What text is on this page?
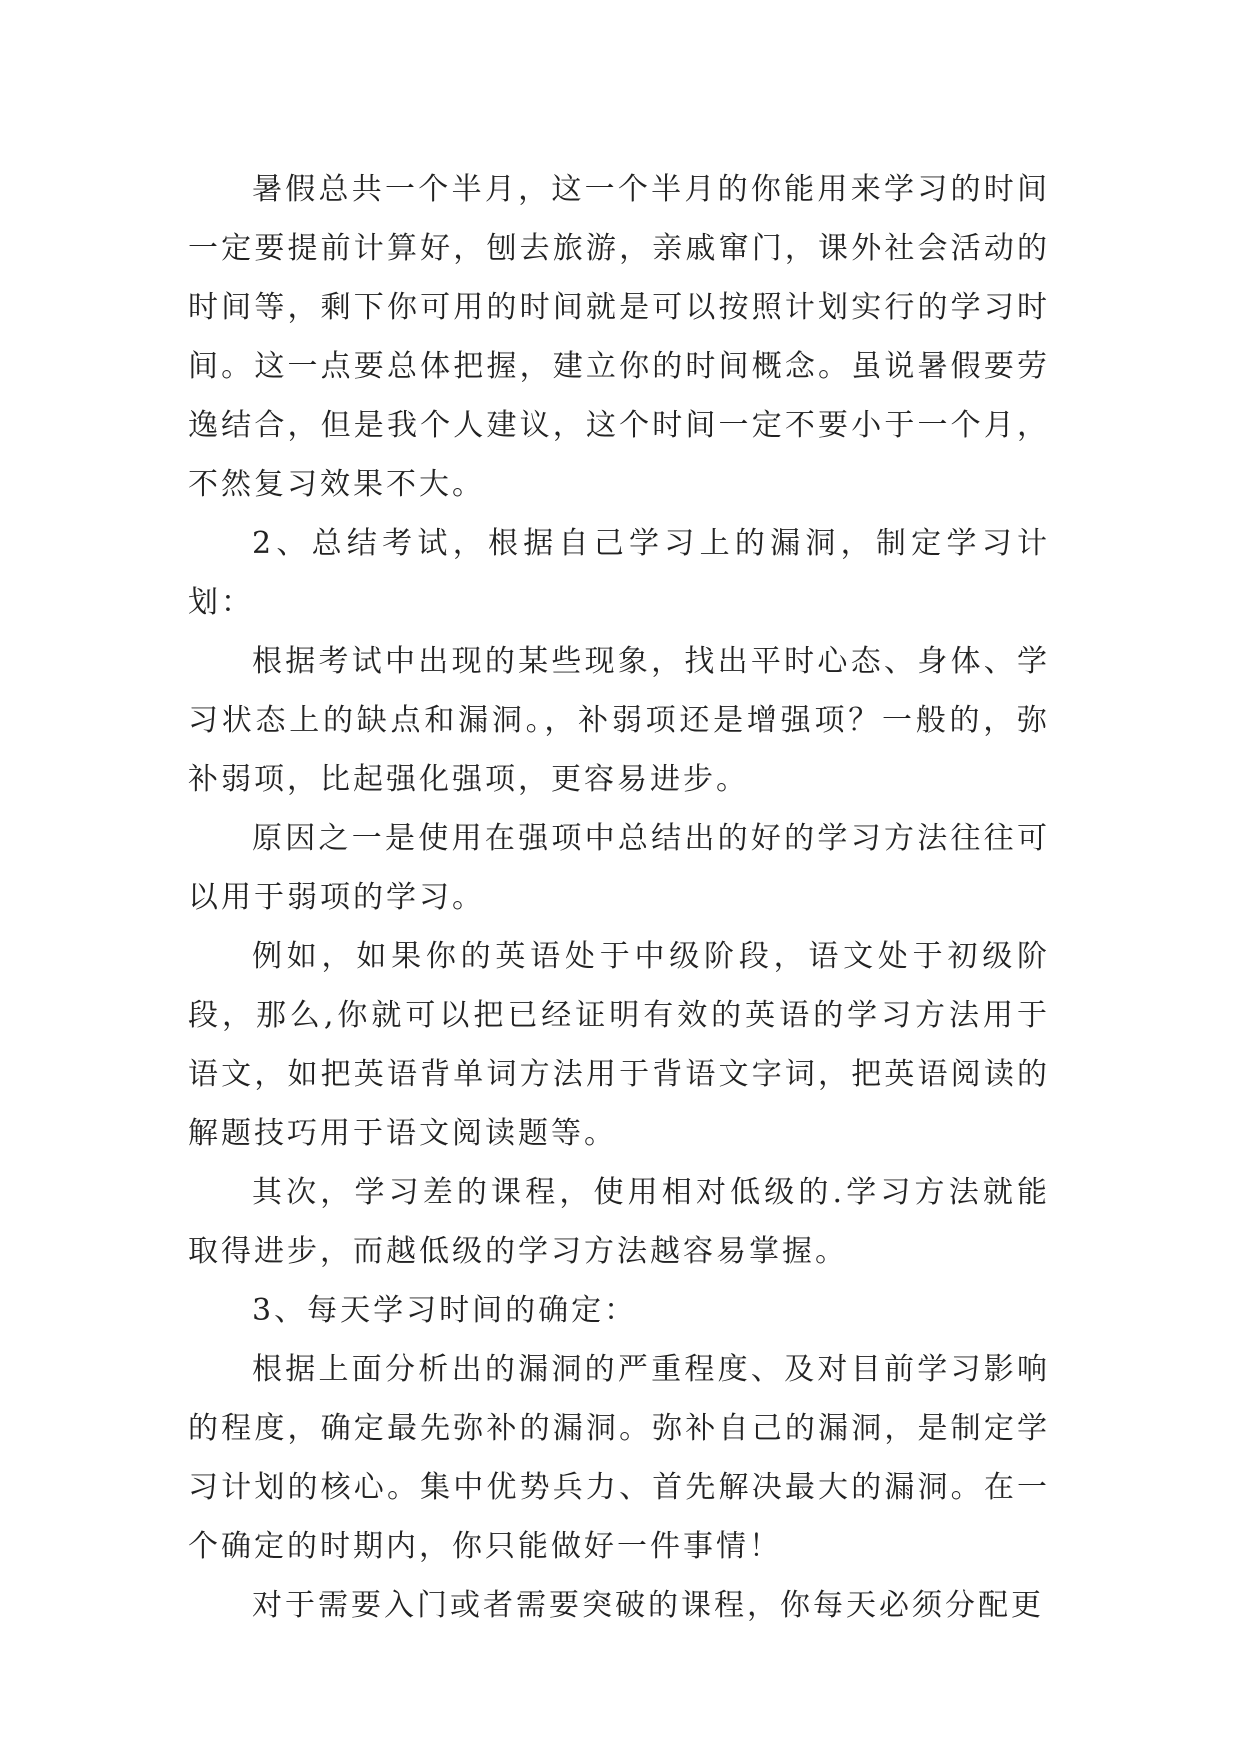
暑假总共一个半月，这一个半月的你能用来学习的时间一定要提前计算好，刨去旅游，亲戚窜门，课外社会活动的时间等，剩下你可用的时间就是可以按照计划实行的学习时间。这一点要总体把握，建立你的时间概念。虽说暑假要劳逸结合，但是我个人建议，这个时间一定不要小于一个月，不然复习效果不大。

2、总结考试，根据自己学习上的漏洞，制定学习计划：

根据考试中出现的某些现象，找出平时心态、身体、学习状态上的缺点和漏洞。，补弱项还是增强项？一般的，弥补弱项，比起强化强项，更容易进步。

原因之一是使用在强项中总结出的好的学习方法往往可以用于弱项的学习。

例如，如果你的英语处于中级阶段，语文处于初级阶段，那么,你就可以把已经证明有效的英语的学习方法用于语文，如把英语背单词方法用于背语文字词，把英语阅读的解题技巧用于语文阅读题等。

其次，学习差的课程，使用相对低级的.学习方法就能取得进步，而越低级的学习方法越容易掌握。

3、每天学习时间的确定：

根据上面分析出的漏洞的严重程度、及对目前学习影响的程度，确定最先弥补的漏洞。弥补自己的漏洞，是制定学习计划的核心。集中优势兵力、首先解决最大的漏洞。在一个确定的时期内，你只能做好一件事情！

对于需要入门或者需要突破的课程，你每天必须分配更
